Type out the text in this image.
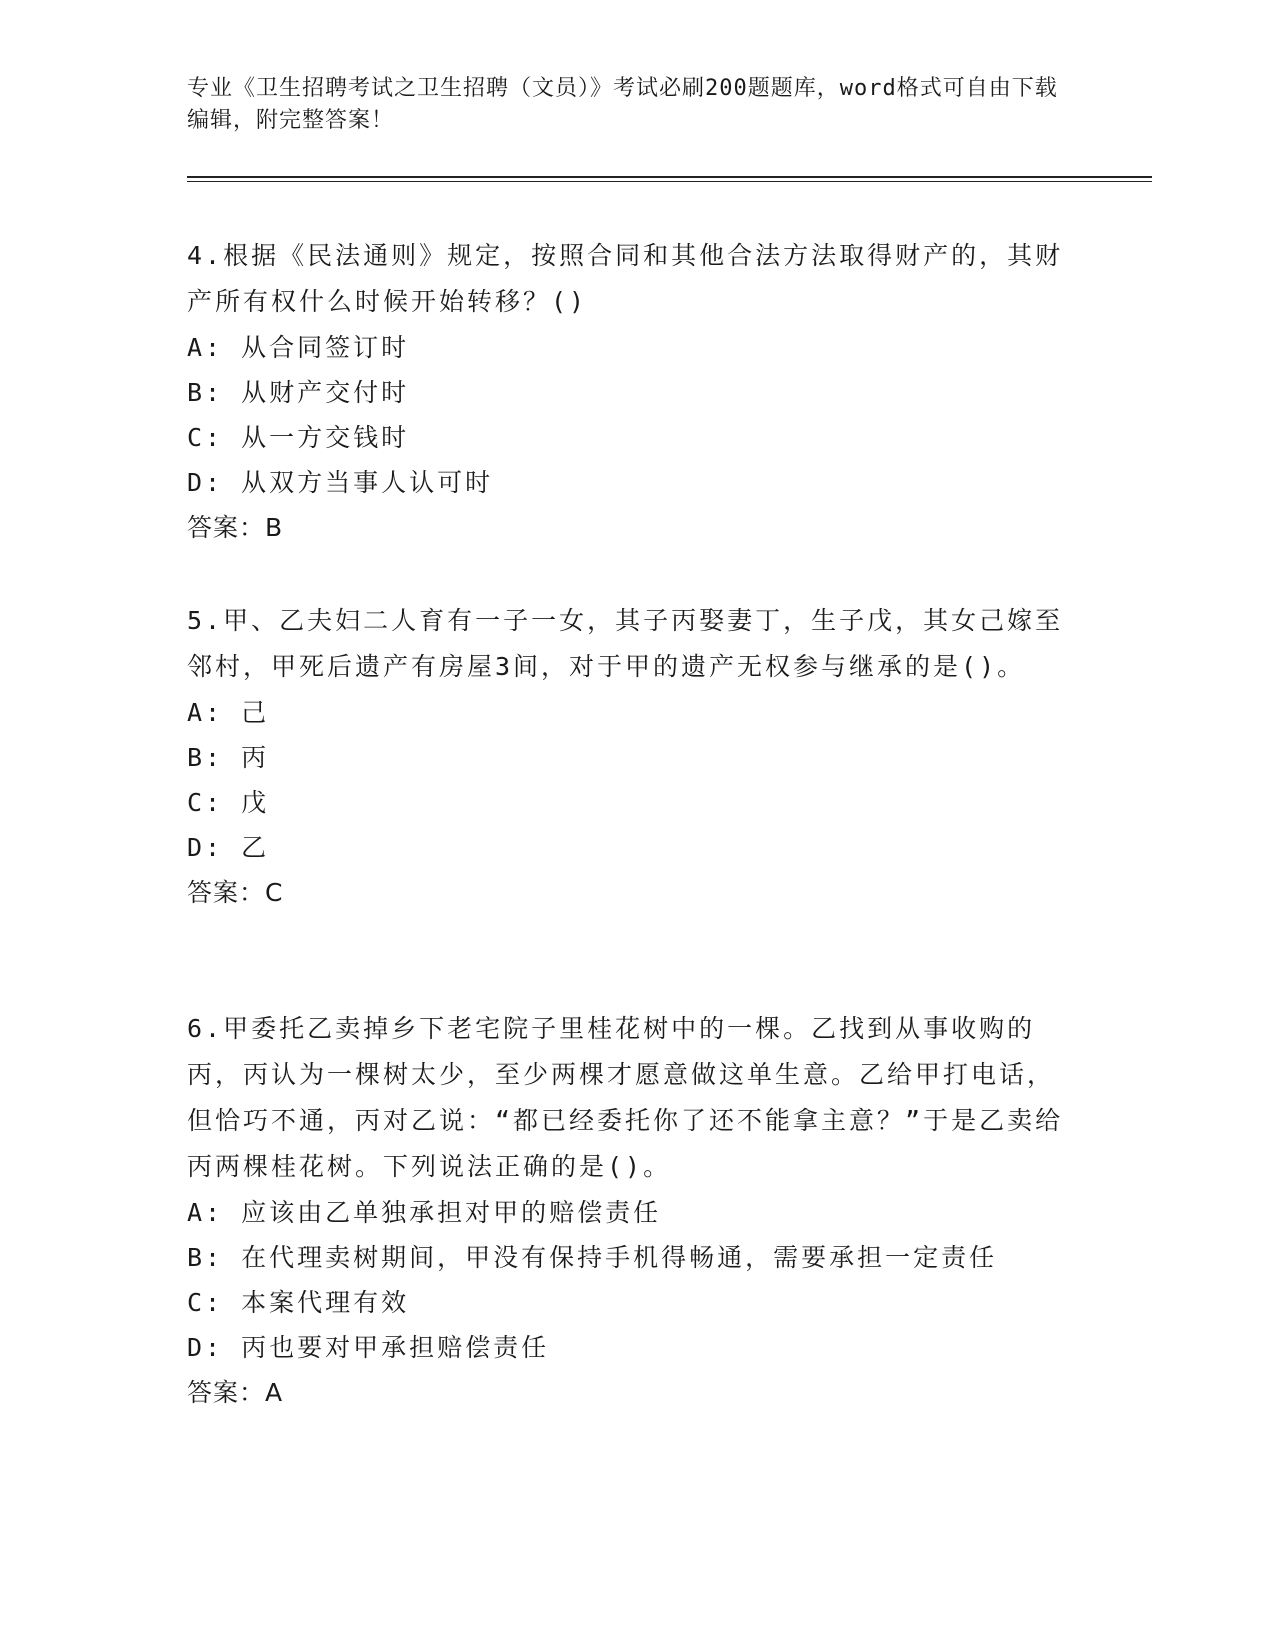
专业《卫生招聘考试之卫生招聘（文员）》考试必刷200题题库，word格式可自由下载编辑，附完整答案！

4.根据《民法通则》规定，按照合同和其他合法方法取得财产的，其财产所有权什么时候开始转移？()

A: 从合同签订时

B: 从财产交付时

C: 从一方交钱时

D: 从双方当事人认可时

答案：B

5.甲、乙夫妇二人育有一子一女，其子丙娶妻丁，生子戊，其女己嫁至邻村，甲死后遗产有房屋3间，对于甲的遗产无权参与继承的是()。

A: 己

B: 丙

C: 戊

D: 乙

答案：C

6.甲委托乙卖掉乡下老宅院子里桂花树中的一棵。乙找到从事收购的丙，丙认为一棵树太少，至少两棵才愿意做这单生意。乙给甲打电话，但恰巧不通，丙对乙说：“都已经委托你了还不能拿主意？”于是乙卖给丙两棵桂花树。下列说法正确的是()。

A: 应该由乙单独承担对甲的赔偿责任

B: 在代理卖树期间，甲没有保持手机得畅通，需要承担一定责任

C: 本案代理有效

D: 丙也要对甲承担赔偿责任

答案：A
